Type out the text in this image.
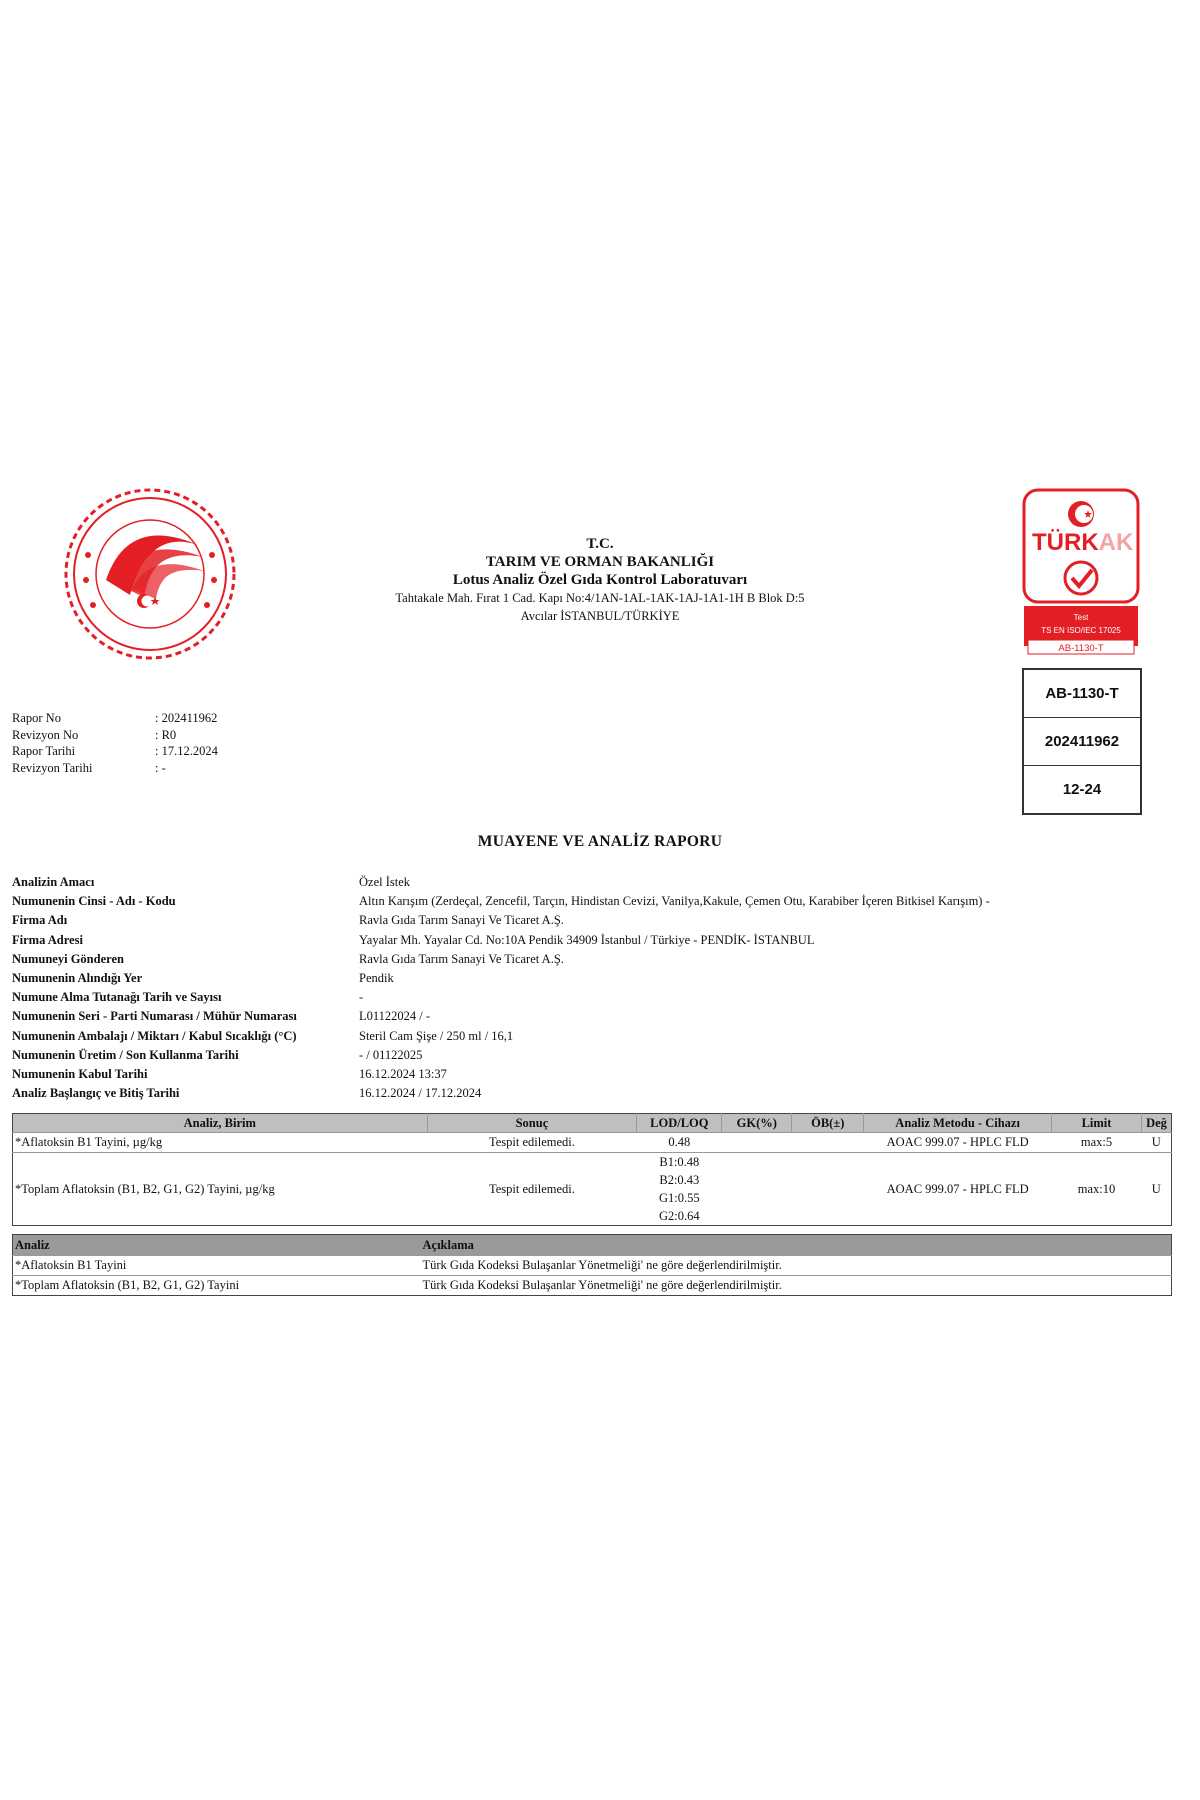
T.C.
TARIM VE ORMAN BAKANLIĞI
Lotus Analiz Özel Gıda Kontrol Laboratuvarı
Tahtakale Mah. Fırat 1 Cad. Kapı No:4/1AN-1AL-1AK-1AJ-1A1-1H B Blok D:5
Avcılar İSTANBUL/TÜRKİYE
TÜRKAK
Test
TS EN ISO/IEC 17025
AB-1130-T
AB-1130-T
202411962
12-24
Rapor No	: 202411962
Revizyon No	: R0
Rapor Tarihi	: 17.12.2024
Revizyon Tarihi	: -
MUAYENE VE ANALİZ RAPORU
Analizin Amacı	Özel İstek
Numunenin Cinsi - Adı - Kodu	Altın Karışım (Zerdeçal, Zencefil, Tarçın, Hindistan Cevizi, Vanilya,Kakule, Çemen Otu, Karabiber İçeren Bitkisel Karışım) -
Firma Adı	Ravla Gıda Tarım Sanayi Ve Ticaret A.Ş.
Firma Adresi	Yayalar Mh. Yayalar Cd. No:10A Pendik 34909 İstanbul / Türkiye - PENDİK- İSTANBUL
Numuneyi Gönderen	Ravla Gıda Tarım Sanayi Ve Ticaret A.Ş.
Numunenin Alındığı Yer	Pendik
Numune Alma Tutanağı Tarih ve Sayısı	-
Numunenin Seri - Parti Numarası / Mühür Numarası	L01122024 / -
Numunenin Ambalajı / Miktarı / Kabul Sıcaklığı (°C)	Steril Cam Şişe / 250 ml / 16,1
Numunenin Üretim / Son Kullanma Tarihi	- / 01122025
Numunenin Kabul Tarihi	16.12.2024 13:37
Analiz Başlangıç ve Bitiş Tarihi	16.12.2024 / 17.12.2024
Analiz, Birim	Sonuç	LOD/LOQ	GK(%)	ÖB(±)	Analiz Metodu - Cihazı	Limit	Değ
*Aflatoksin B1 Tayini, µg/kg	Tespit edilemedi.	0.48			AOAC 999.07 - HPLC FLD	max:5	U
*Toplam Aflatoksin (B1, B2, G1, G2) Tayini, µg/kg	Tespit edilemedi.	B1:0.48
B2:0.43
G1:0.55
G2:0.64			AOAC 999.07 - HPLC FLD	max:10	U
Analiz	Açıklama
*Aflatoksin B1 Tayini	Türk Gıda Kodeksi Bulaşanlar Yönetmeliği' ne göre değerlendirilmiştir.
*Toplam Aflatoksin (B1, B2, G1, G2) Tayini	Türk Gıda Kodeksi Bulaşanlar Yönetmeliği' ne göre değerlendirilmiştir.
